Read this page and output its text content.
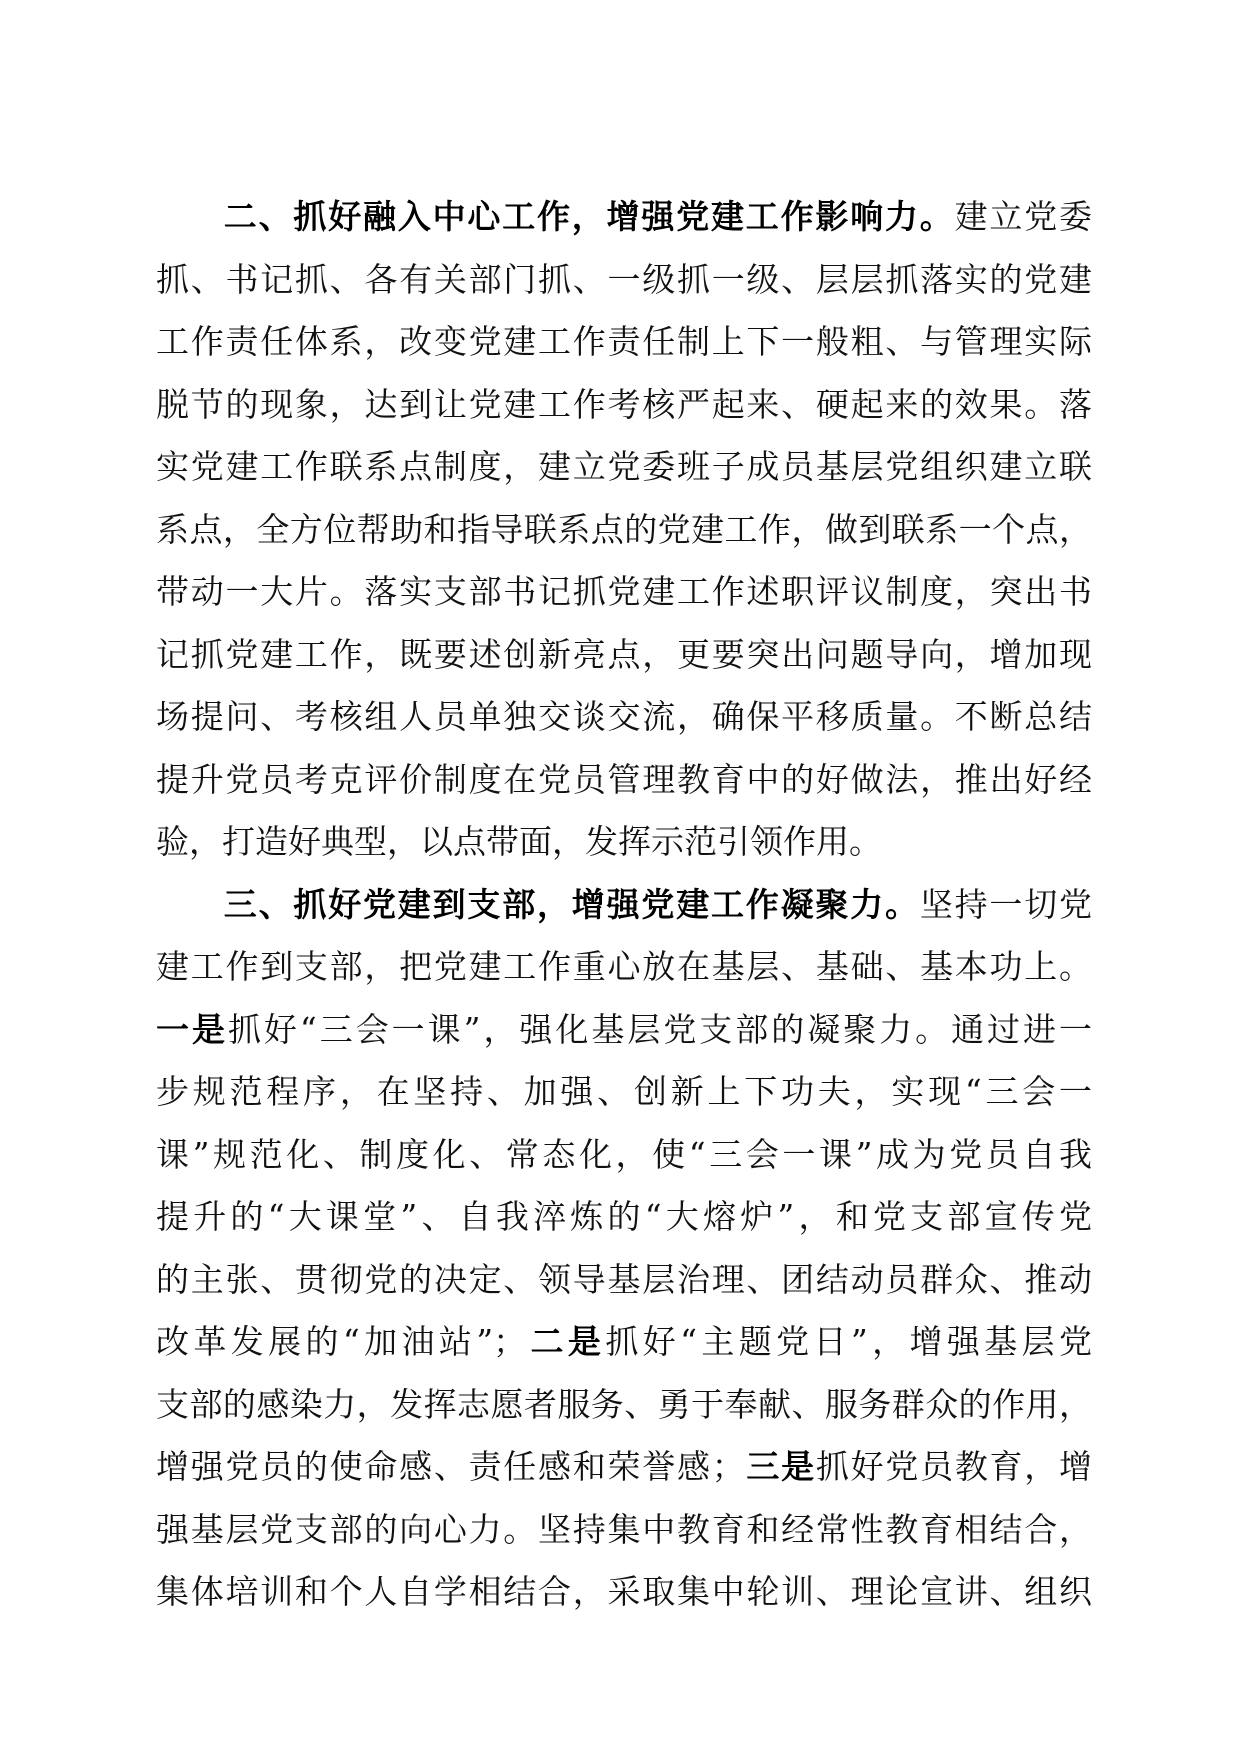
二、抓好融入中心工作，增强党建工作影响力。建立党委
抓、书记抓、各有关部门抓、一级抓一级、层层抓落实的党建
工作责任体系，改变党建工作责任制上下一般粗、与管理实际
脱节的现象，达到让党建工作考核严起来、硬起来的效果。落
实党建工作联系点制度，建立党委班子成员基层党组织建立联
系点，全方位帮助和指导联系点的党建工作，做到联系一个点，
带动一大片。落实支部书记抓党建工作述职评议制度，突出书
记抓党建工作，既要述创新亮点，更要突出问题导向，增加现
场提问、考核组人员单独交谈交流，确保平移质量。不断总结
提升党员考克评价制度在党员管理教育中的好做法，推出好经
验，打造好典型，以点带面，发挥示范引领作用。
三、抓好党建到支部，增强党建工作凝聚力。坚持一切党
建工作到支部，把党建工作重心放在基层、基础、基本功上。
一是抓好“三会一课”，强化基层党支部的凝聚力。通过进一
步规范程序，在坚持、加强、创新上下功夫，实现“三会一
课”规范化、制度化、常态化，使“三会一课”成为党员自我
提升的“大课堂”、自我淬炼的“大熔炉”，和党支部宣传党
的主张、贯彻党的决定、领导基层治理、团结动员群众、推动
改革发展的“加油站”；二是抓好“主题党日”，增强基层党
支部的感染力，发挥志愿者服务、勇于奉献、服务群众的作用，
增强党员的使命感、责任感和荣誉感；三是抓好党员教育，增
强基层党支部的向心力。坚持集中教育和经常性教育相结合，
集体培训和个人自学相结合，采取集中轮训、理论宣讲、组织
